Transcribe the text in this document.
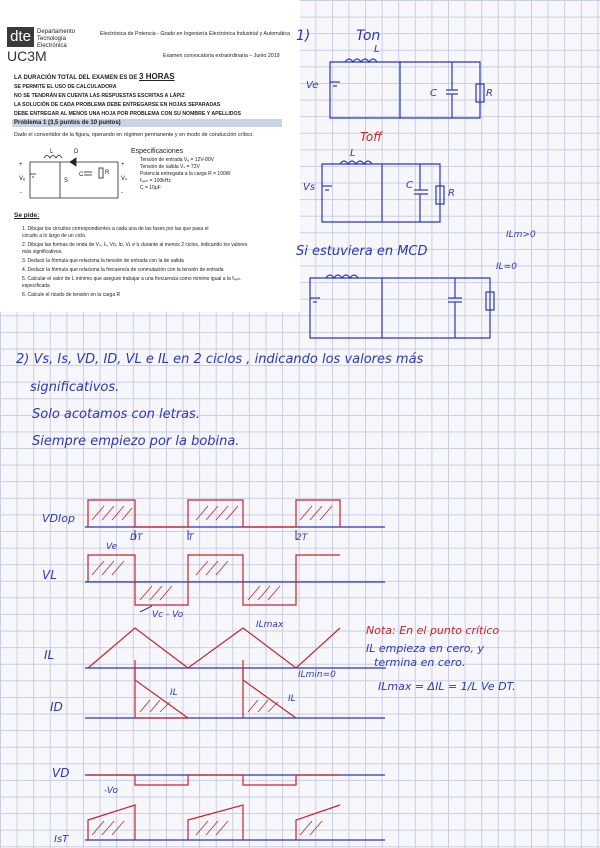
dte	Departamento
Tecnología
Electrónica
UC3M
Electrónica de Potencia - Grado en Ingeniería Electrónica Industrial y Automática
Examen convocatoria extraordinaria – Junio 2019
LA DURACIÓN TOTAL DEL EXAMEN ES DE 3 HORAS
SE PERMITE EL USO DE CALCULADORA
NO SE TENDRÁN EN CUENTA LAS RESPUESTAS ESCRITAS A LÁPIZ
LA SOLUCIÓN DE CADA PROBLEMA DEBE ENTREGARSE EN HOJAS SEPARADAS
DEBE ENTREGAR AL MENOS UNA HOJA POR PROBLEMA CON SU NOMBRE Y APELLIDOS
Problema 1 (3,5 puntos de 10 puntos)
Dado el convertidor de la figura, operando en régimen permanente y en modo de conducción crítico:
Especificaciones
Tensión de entrada Vₑ = 12V-80V
Tensión de salida Vₛ = 72V
Potencia entregada a la carga R = 100W
fₛₑₘ = 100kHz
C = 10μF
L	D
Vₑ	S
C	R
Vₛ
+
-
+
-
Se pide:
1. Dibujar los circuitos correspondientes a cada una de las fases por las que pasa el
circuito a lo largo de un ciclo.
2. Dibujar las formas de onda de Vₛ, Iₛ, Vᴅ, Iᴅ, Vʟ e Iʟ durante al menos 2 ciclos, indicando los valores
más significativos.
3. Deducir la fórmula que relaciona la tensión de entrada con la de salida
4. Deducir la fórmula que relaciona la frecuencia de conmutación con la tensión de entrada
5. Calcular el valor de L mínimo que asegure trabajar a una frecuencia como mínimo igual a la fₛₑₘ
especificada
6. Calcule el rizado de tensión en la carga R
1)	Ton
L
Ve
C	R
Toff
L
Vs	C
R
Si estuviera en MCD
ILm>0
IL=0
2) Vs, Is, VD, ID, VL e IL en 2 ciclos , indicando los valores más
significativos.
Solo acotamos con letras.
Siempre empiezo por la bobina.
VDIop
VL
IL
ID
VD
IsT
DT	T	2T
Ve
Vc - Vo
ILmax
ILmin=0
IL
IL
-Vo
Nota: En el punto crítico
IL empieza en cero, y
termina en cero.
ILmax = ΔIL = 1/L Ve DT.
